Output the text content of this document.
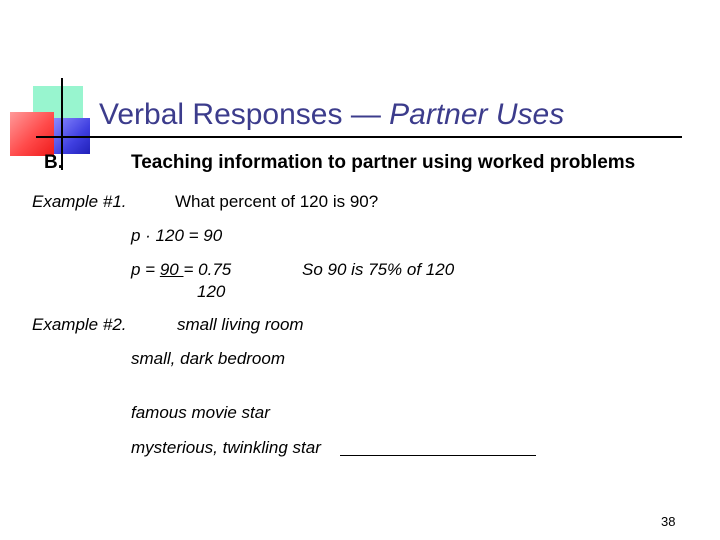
Verbal Responses — Partner Uses
B.	Teaching information to partner using worked problems
Example #1.	What percent of 120 is 90?
p · 120 = 90
p = 90 = 0.75
120
So 90 is 75% of 120
Example #2.	small living room
small, dark bedroom
famous movie star
mysterious, twinkling star
38
